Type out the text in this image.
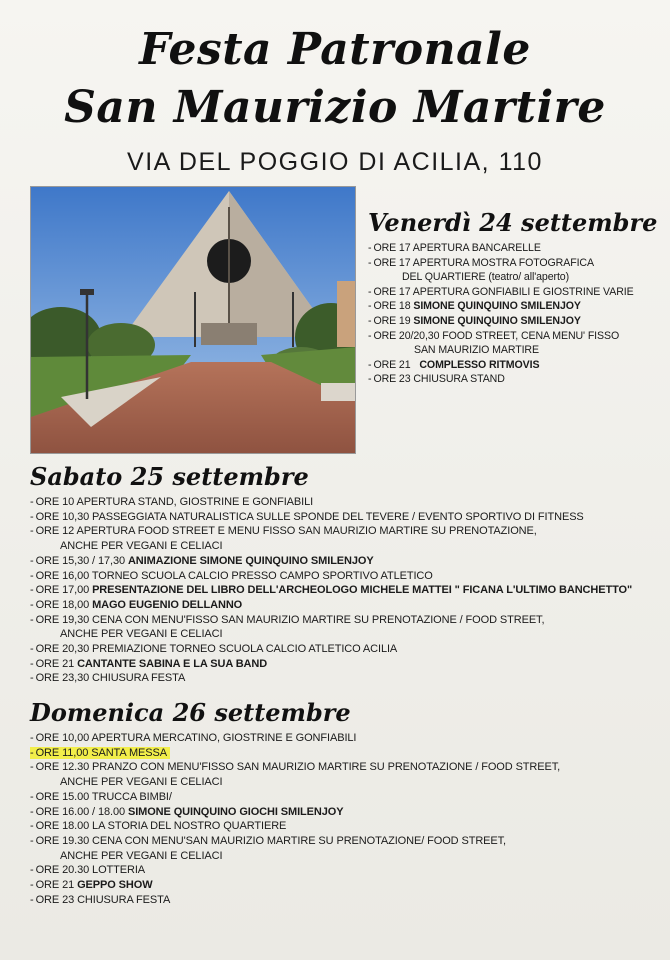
Festa Patronale
San Maurizio Martire
VIA DEL POGGIO DI ACILIA, 110
Venerdì 24 settembre
- ORE 17 APERTURA BANCARELLE
- ORE 17 APERTURA MOSTRA FOTOGRAFICA
DEL QUARTIERE (teatro/ all'aperto)
- ORE 17 APERTURA GONFIABILI E GIOSTRINE VARIE
- ORE 18 SIMONE QUINQUINO SMILENJOY
- ORE 19 SIMONE QUINQUINO SMILENJOY
- ORE 20/20,30 FOOD STREET, CENA MENU' FISSO
SAN MAURIZIO MARTIRE
- ORE 21 COMPLESSO RITMOVIS
- ORE 23 CHIUSURA STAND
Sabato 25 settembre
- ORE 10 APERTURA STAND, GIOSTRINE E GONFIABILI
- ORE 10,30 PASSEGGIATA NATURALISTICA SULLE SPONDE DEL TEVERE / EVENTO SPORTIVO DI FITNESS
- ORE 12 APERTURA FOOD STREET E MENU FISSO SAN MAURIZIO MARTIRE SU PRENOTAZIONE,
ANCHE PER VEGANI E CELIACI
- ORE 15,30 / 17,30 ANIMAZIONE SIMONE QUINQUINO SMILENJOY
- ORE 16,00 TORNEO SCUOLA CALCIO PRESSO CAMPO SPORTIVO ATLETICO
- ORE 17,00 PRESENTAZIONE DEL LIBRO DELL'ARCHEOLOGO MICHELE MATTEI " FICANA L'ULTIMO BANCHETTO"
- ORE 18,00 MAGO EUGENIO DELLANNO
- ORE 19,30 CENA CON MENU'FISSO SAN MAURIZIO MARTIRE SU PRENOTAZIONE / FOOD STREET,
ANCHE PER VEGANI E CELIACI
- ORE 20,30 PREMIAZIONE TORNEO SCUOLA CALCIO ATLETICO ACILIA
- ORE 21 CANTANTE SABINA E LA SUA BAND
- ORE 23,30 CHIUSURA FESTA
Domenica 26 settembre
- ORE 10,00 APERTURA MERCATINO, GIOSTRINE E GONFIABILI
- ORE 11,00 SANTA MESSA
- ORE 12.30 PRANZO CON MENU'FISSO SAN MAURIZIO MARTIRE SU PRENOTAZIONE / FOOD STREET,
ANCHE PER VEGANI E CELIACI
- ORE 15.00 TRUCCA BIMBI/
- ORE 16.00 / 18.00 SIMONE QUINQUINO GIOCHI SMILENJOY
- ORE 18.00 LA STORIA DEL NOSTRO QUARTIERE
- ORE 19.30 CENA CON MENU'SAN MAURIZIO MARTIRE SU PRENOTAZIONE/ FOOD STREET,
ANCHE PER VEGANI E CELIACI
- ORE 20.30 LOTTERIA
- ORE 21 GEPPO SHOW
- ORE 23 CHIUSURA FESTA
